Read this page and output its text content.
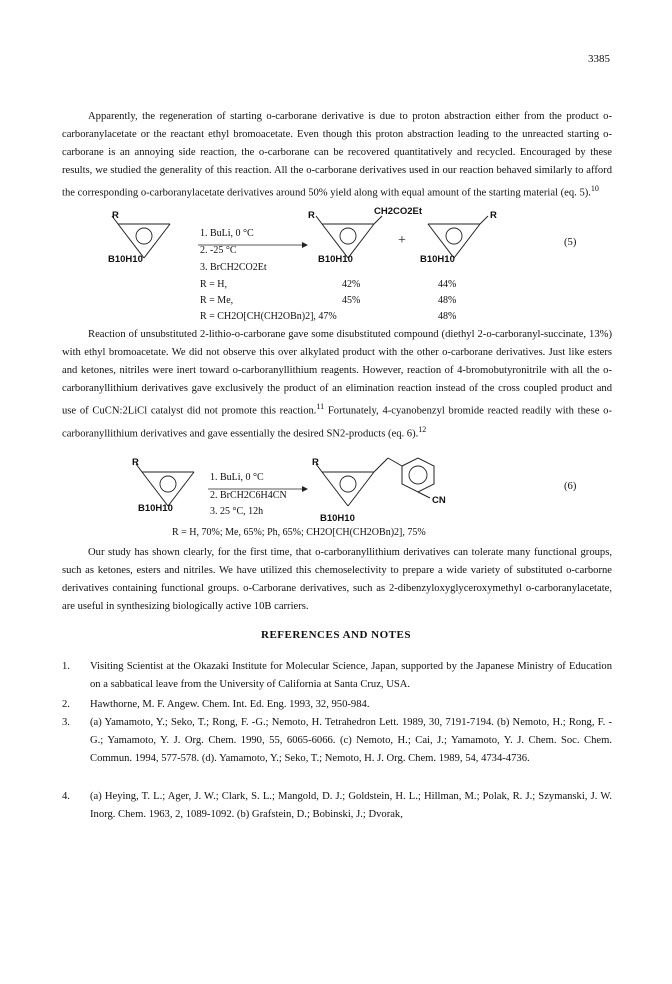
3385
Apparently, the regeneration of starting o-carborane derivative is due to proton abstraction either from the product o-carboranylacetate or the reactant ethyl bromoacetate. Even though this proton abstraction leading to the unreacted starting o-carborane is an annoying side reaction, the o-carborane can be recovered quantitatively and recycled. Encouraged by these results, we studied the generality of this reaction. All the o-carborane derivatives used in our reaction behaved similarly to afford the corresponding o-carboranylacetate derivatives around 50% yield along with equal amount of the starting material (eq. 5).$^{10}$
R
B10H10
1. BuLi, 0 °C
2. -25 °C
3. BrCH2CO2Et
R	CH2CO2Et
B10H10
+
R
B10H10
(5)
R = H,	42%	44%
R = Me,	45%	48%
R = CH2O[CH(CH2OBn)2], 47%	48%
Reaction of unsubstituted 2-lithio-o-carborane gave some disubstituted compound (diethyl 2-o-carboranyl-succinate, 13%) with ethyl bromoacetate. We did not observe this over alkylated product with the other o-carborane derivatives. Just like esters and ketones, nitriles were inert toward o-carboranyllithium reagents. However, reaction of 4-bromobutyronitrile with all the o-carboranyllithium derivatives gave exclusively the product of an elimination reaction instead of the cross coupled product and use of CuCN:2LiCl catalyst did not promote this reaction.$^{11}$ Fortunately, 4-cyanobenzyl bromide reacted readily with these o-carboranyllithium derivatives and gave essentially the desired SN2-products (eq. 6).$^{12}$
R
B10H10
1. BuLi, 0 °C
2. BrCH2C6H4CN
3. 25 °C, 12h
R
B10H10
CN
(6)
R = H, 70%; Me, 65%; Ph, 65%; CH2O[CH(CH2OBn)2], 75%
Our study has shown clearly, for the first time, that o-carboranyllithium derivatives can tolerate many functional groups, such as ketones, esters and nitriles. We have utilized this chemoselectivity to prepare a wide variety of substituted o-carborne derivatives containing functional groups. o-Carborane derivatives, such as 2-dibenzyloxyglyceroxymethyl o-carboranylacetate, are useful in synthesizing biologically active 10B carriers.
REFERENCES AND NOTES
1. Visiting Scientist at the Okazaki Institute for Molecular Science, Japan, supported by the Japanese Ministry of Education on a sabbatical leave from the University of California at Santa Cruz, USA.
2. Hawthorne, M. F. Angew. Chem. Int. Ed. Eng. 1993, 32, 950-984.
3. (a) Yamamoto, Y.; Seko, T.; Rong, F. -G.; Nemoto, H. Tetrahedron Lett. 1989, 30, 7191-7194. (b) Nemoto, H.; Rong, F. -G.; Yamamoto, Y. J. Org. Chem. 1990, 55, 6065-6066. (c) Nemoto, H.; Cai, J.; Yamamoto, Y. J. Chem. Soc. Chem. Commun. 1994, 577-578. (d). Yamamoto, Y.; Seko, T.; Nemoto, H. J. Org. Chem. 1989, 54, 4734-4736.
4. (a) Heying, T. L.; Ager, J. W.; Clark, S. L.; Mangold, D. J.; Goldstein, H. L.; Hillman, M.; Polak, R. J.; Szymanski, J. W. Inorg. Chem. 1963, 2, 1089-1092. (b) Grafstein, D.; Bobinski, J.; Dvorak,
